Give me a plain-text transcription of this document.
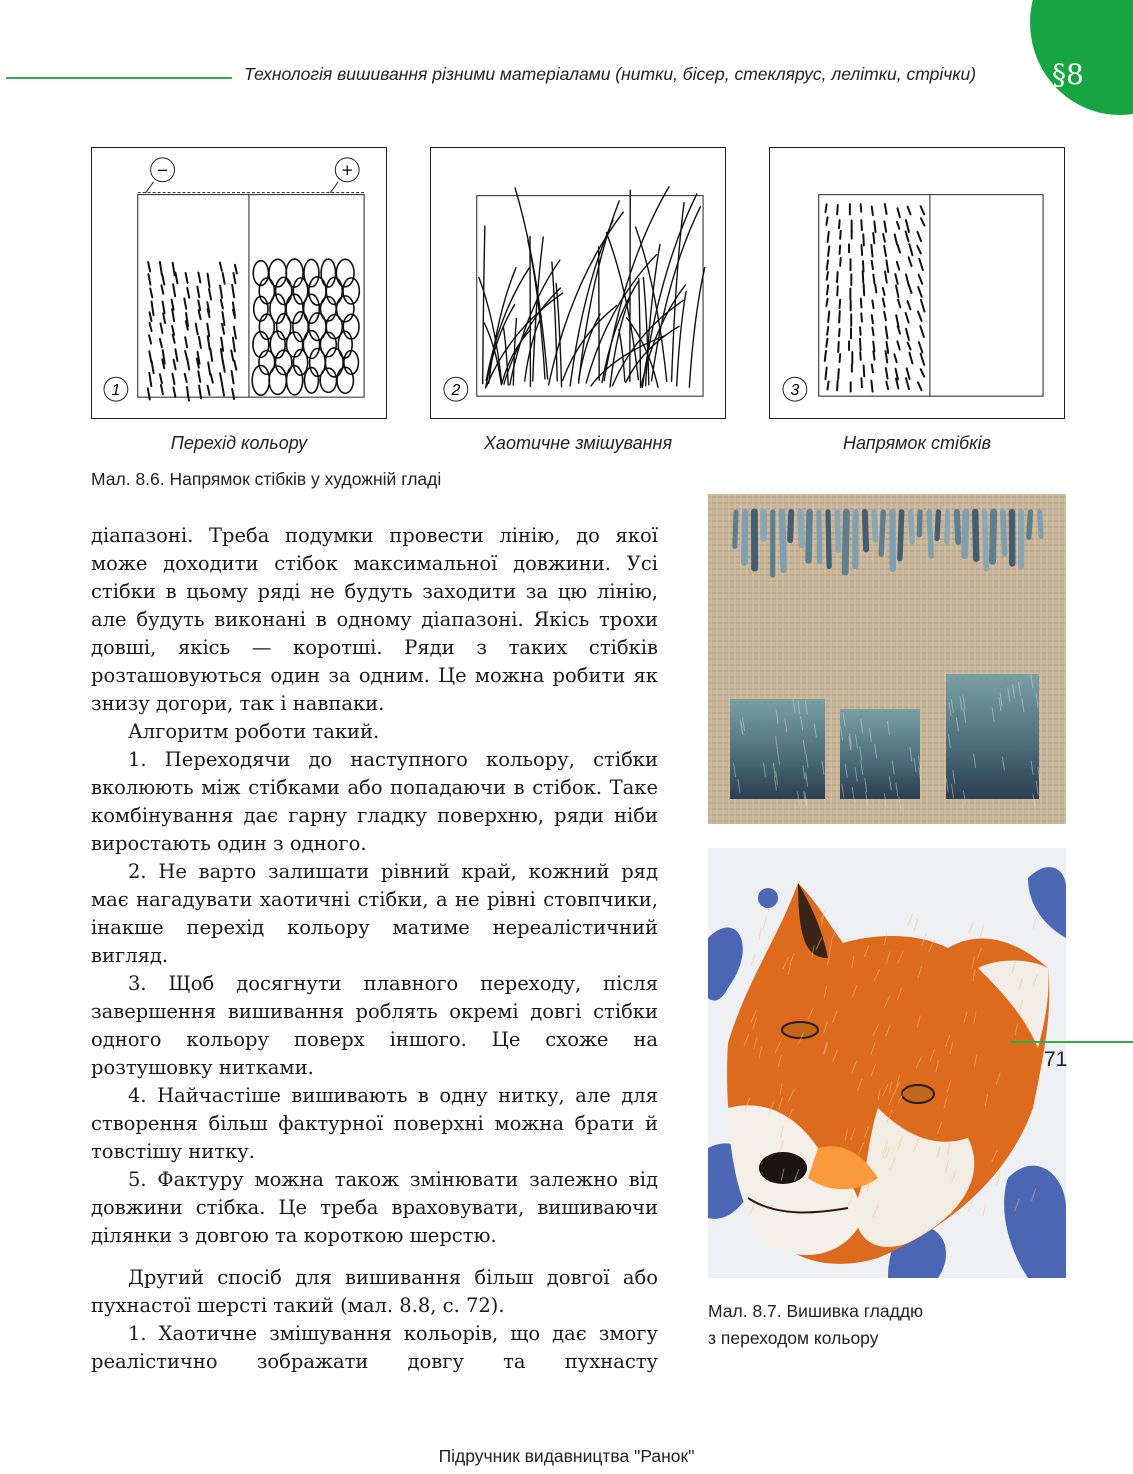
Технологія вишивання різними матеріалами (нитки, бісер, стеклярус, лелітки, стрічки)	§8
−	+
1	2	3
Перехід кольору	Хаотичне змішування	Напрямок стібків
Мал. 8.6. Напрямок стібків у художній гладі

діапазоні. Треба подумки провести лінію, до якої може доходити стібок максимальної довжини. Усі стібки в цьому ряді не будуть заходити за цю лінію, але будуть виконані в одному діапазоні. Якісь трохи довші, якісь — коротші. Ряди з таких стібків розташовуються один за одним. Це можна робити як знизу догори, так і навпаки.

Алгоритм роботи такий.

1. Переходячи до наступного кольору, стібки вколюють між стібками або попадаючи в стібок. Таке комбінування дає гарну гладку поверхню, ряди ніби виростають один з одного.

2. Не варто залишати рівний край, кожний ряд має нагадувати хаотичні стібки, а не рівні стовпчики, інакше перехід кольору матиме нереалістичний вигляд.

3. Щоб досягнути плавного переходу, після завершення вишивання роблять окремі довгі стібки одного кольору поверх іншого. Це схоже на розтушовку нитками.

4. Найчастіше вишивають в одну нитку, але для створення більш фактурної поверхні можна брати й товстішу нитку.

5. Фактуру можна також змінювати залежно від довжини стібка. Це треба враховувати, вишиваючи ділянки з довгою та короткою шерстю.

Другий спосіб для вишивання більш довгої або пухнастої шерсті такий (мал. 8.8, с. 72).

1. Хаотичне змішування кольорів, що дає змогу реалістично зображати довгу та пухнасту

Мал. 8.7. Вишивка гладдю
з переходом кольору
71
Підручник видавництва "Ранок"
